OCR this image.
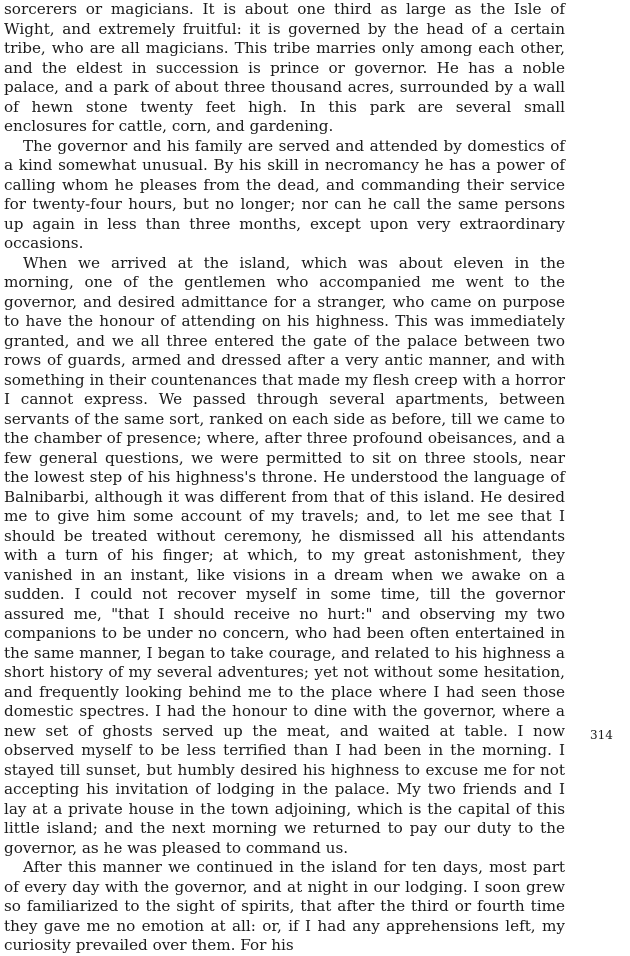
sorcerers or magicians. It is about one third as large as the Isle of Wight, and extremely fruitful: it is governed by the head of a certain tribe, who are all magicians. This tribe marries only among each other, and the eldest in succession is prince or governor. He has a noble palace, and a park of about three thousand acres, surrounded by a wall of hewn stone twenty feet high. In this park are several small enclosures for cattle, corn, and gardening.

The governor and his family are served and attended by domestics of a kind somewhat unusual. By his skill in necromancy he has a power of calling whom he pleases from the dead, and commanding their service for twenty-four hours, but no longer; nor can he call the same persons up again in less than three months, except upon very extraordinary occasions.

When we arrived at the island, which was about eleven in the morning, one of the gentlemen who accompanied me went to the governor, and desired admittance for a stranger, who came on purpose to have the honour of attending on his highness. This was immediately granted, and we all three entered the gate of the palace between two rows of guards, armed and dressed after a very antic manner, and with something in their countenances that made my flesh creep with a horror I cannot express. We passed through several apartments, between servants of the same sort, ranked on each side as before, till we came to the chamber of presence; where, after three profound obeisances, and a few general questions, we were permitted to sit on three stools, near the lowest step of his highness's throne. He understood the language of Balnibarbi, although it was different from that of this island. He desired me to give him some account of my travels; and, to let me see that I should be treated without ceremony, he dismissed all his attendants with a turn of his finger; at which, to my great astonishment, they vanished in an instant, like visions in a dream when we awake on a sudden. I could not recover myself in some time, till the governor assured me, "that I should receive no hurt:" and observing my two companions to be under no concern, who had been often entertained in the same manner, I began to take courage, and related to his highness a short history of my several adventures; yet not without some hesitation, and frequently looking behind me to the place where I had seen those domestic spectres. I had the honour to dine with the governor, where a new set of ghosts served up the meat, and waited at table. I now observed myself to be less terrified than I had been in the morning. I stayed till sunset, but humbly desired his highness to excuse me for not accepting his invitation of lodging in the palace. My two friends and I lay at a private house in the town adjoining, which is the capital of this little island; and the next morning we returned to pay our duty to the governor, as he was pleased to command us.

After this manner we continued in the island for ten days, most part of every day with the governor, and at night in our lodging. I soon grew so familiarized to the sight of spirits, that after the third or fourth time they gave me no emotion at all: or, if I had any apprehensions left, my curiosity prevailed over them. For his

314
